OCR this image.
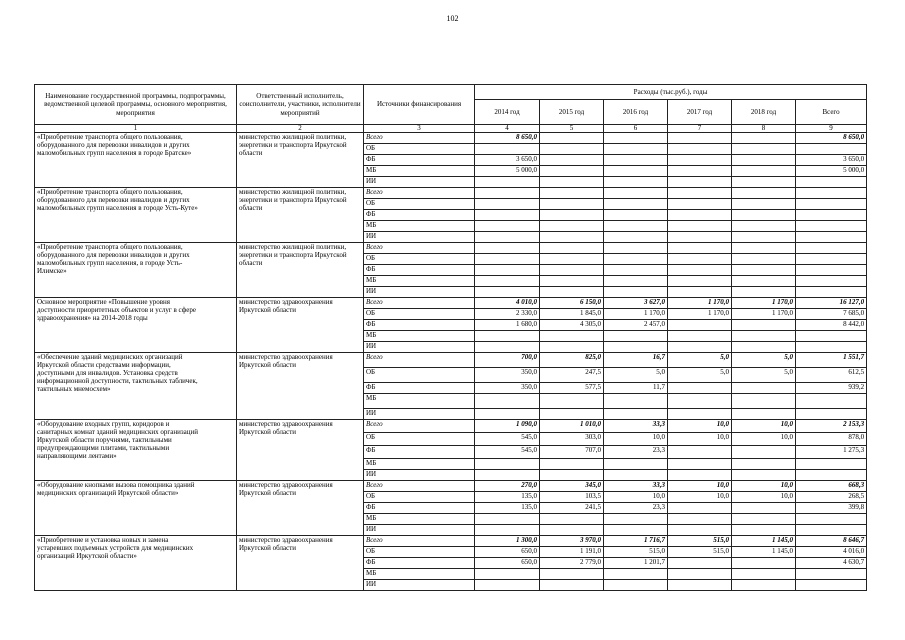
102
Наименование государственной программы, подпрограммы, ведомственной целевой программы, основного мероприятия, мероприятия	Ответственный исполнитель, соисполнители, участники, исполнители мероприятий	Источники финансирования	Расходы (тыс.руб.), годы					
			2014 год	2015 год	2016 год	2017 год	2018 год	Всего
1	2	3	4	5	6	7	8	9
«Приобретение транспорта общего пользования,
оборудованного для перевозки инвалидов и других
маломобильных групп населения в городе Братске»	министерство жилищной политики,
энергетики и транспорта Иркутской
области	Всего	8 650,0					8 650,0
		ОБ						
		ФБ	3 650,0					3 650,0
		МБ	5 000,0					5 000,0
		ИИ						
«Приобретение транспорта общего пользования,
оборудованного для перевозки инвалидов и других
маломобильных групп населения в городе Усть-Куте»	министерство жилищной политики,
энергетики и транспорта Иркутской
области	Всего						
		ОБ						
		ФБ						
		МБ						
		ИИ						
«Приобретение транспорта общего пользования,
оборудованного для перевозки инвалидов и других
маломобильных групп населения, в городе Усть-
Илимске»	министерство жилищной политики,
энергетики и транспорта Иркутской
области	Всего						
		ОБ						
		ФБ						
		МБ						
		ИИ						
Основное мероприятие «Повышение уровня
доступности приоритетных объектов и услуг в сфере
здравоохранения» на 2014-2018 годы	министерство здравоохранения
Иркутской области	Всего	4 010,0	6 150,0	3 627,0	1 170,0	1 170,0	16 127,0
		ОБ	2 330,0	1 845,0	1 170,0	1 170,0	1 170,0	7 685,0
		ФБ	1 680,0	4 305,0	2 457,0			8 442,0
		МБ						
		ИИ						
«Обеспечение зданий медицинских организаций
Иркутской области средствами информации,
доступными для инвалидов. Установка средств
информационной доступности, тактильных табличек,
тактильных мнемосхем»	министерство здравоохранения
Иркутской области	Всего	700,0	825,0	16,7	5,0	5,0	1 551,7
		ОБ	350,0	247,5	5,0	5,0	5,0	612,5
		ФБ	350,0	577,5	11,7			939,2
		МБ						
		ИИ						
«Оборудование входных групп, коридоров и
санитарных комнат зданий медицинских организаций
Иркутской области поручнями, тактильными
предупреждающими плитами, тактильными
направляющими лентами»	министерство здравоохранения
Иркутской области	Всего	1 090,0	1 010,0	33,3	10,0	10,0	2 153,3
		ОБ	545,0	303,0	10,0	10,0	10,0	878,0
		ФБ	545,0	707,0	23,3			1 275,3
		МБ						
		ИИ						
«Оборудование кнопками вызова помощника зданий
медицинских организаций Иркутской области»	министерство здравоохранения
Иркутской области	Всего	270,0	345,0	33,3	10,0	10,0	668,3
		ОБ	135,0	103,5	10,0	10,0	10,0	268,5
		ФБ	135,0	241,5	23,3			399,8
		МБ						
		ИИ						
«Приобретение и установка новых и замена
устаревших подъемных устройств для медицинских
организаций Иркутской области»	министерство здравоохранения
Иркутской области	Всего	1 300,0	3 970,0	1 716,7	515,0	1 145,0	8 646,7
		ОБ	650,0	1 191,0	515,0	515,0	1 145,0	4 016,0
		ФБ	650,0	2 779,0	1 201,7			4 630,7
		МБ						
		ИИ						
